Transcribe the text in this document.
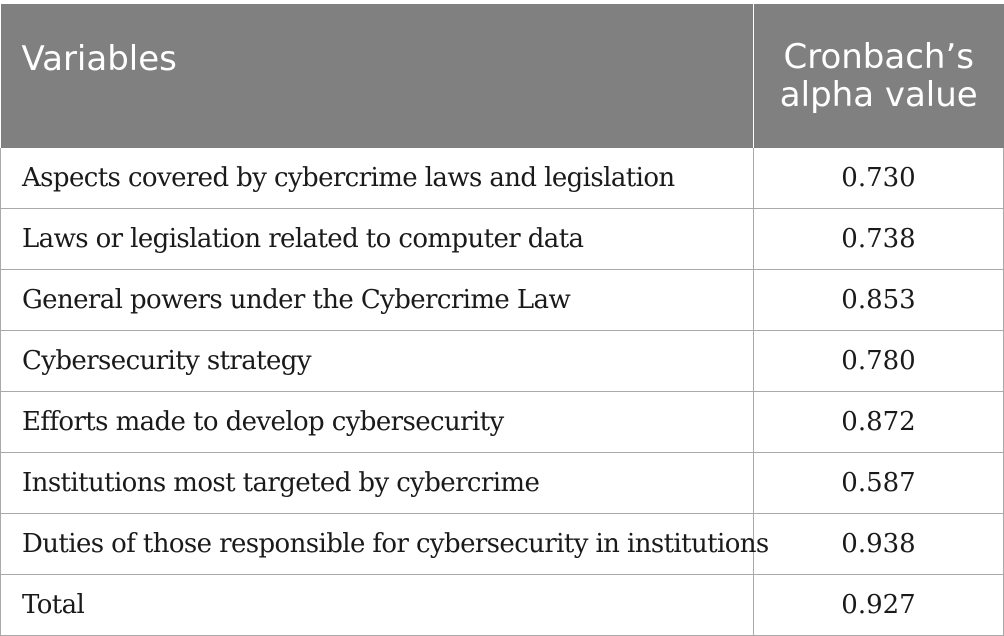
Variables	Cronbach’s
alpha value
Aspects covered by cybercrime laws and legislation	0.730
Laws or legislation related to computer data	0.738
General powers under the Cybercrime Law	0.853
Cybersecurity strategy	0.780
Efforts made to develop cybersecurity	0.872
Institutions most targeted by cybercrime	0.587
Duties of those responsible for cybersecurity in institutions	0.938
Total	0.927
